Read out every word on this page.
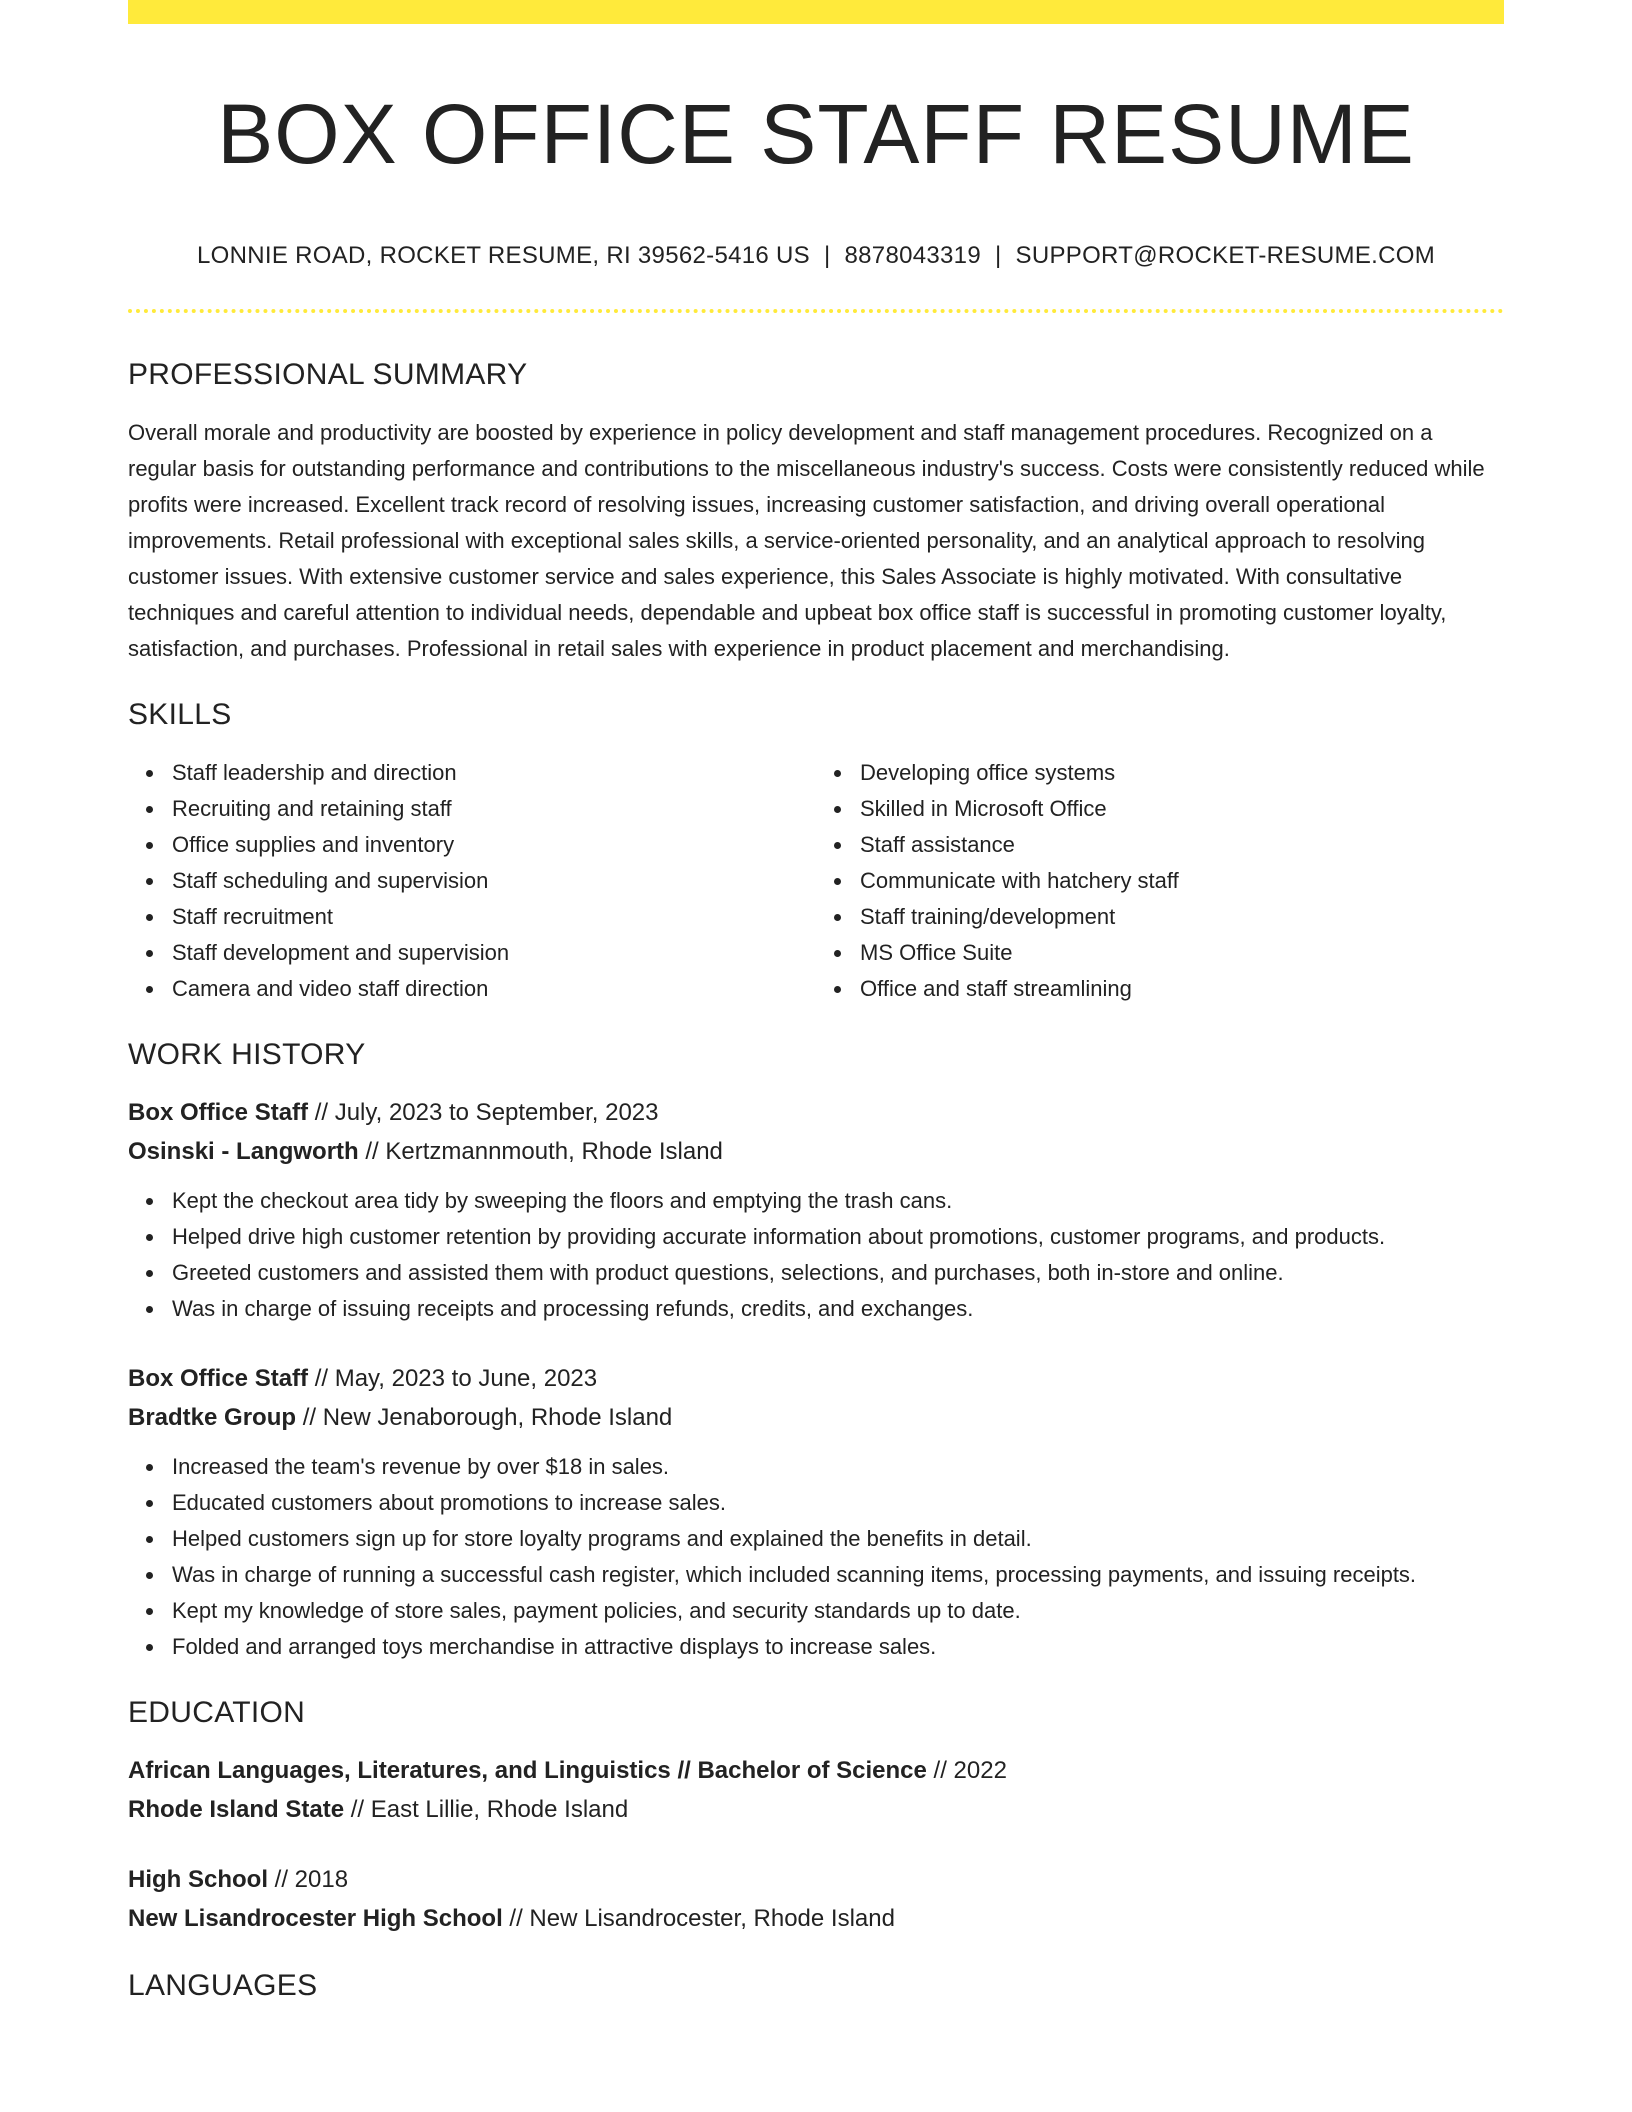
BOX OFFICE STAFF RESUME
LONNIE ROAD, ROCKET RESUME, RI 39562-5416 US | 8878043319 | SUPPORT@ROCKET-RESUME.COM
PROFESSIONAL SUMMARY

Overall morale and productivity are boosted by experience in policy development and staff management procedures. Recognized on a regular basis for outstanding performance and contributions to the miscellaneous industry's success. Costs were consistently reduced while profits were increased. Excellent track record of resolving issues, increasing customer satisfaction, and driving overall operational improvements. Retail professional with exceptional sales skills, a service-oriented personality, and an analytical approach to resolving customer issues. With extensive customer service and sales experience, this Sales Associate is highly motivated. With consultative techniques and careful attention to individual needs, dependable and upbeat box office staff is successful in promoting customer loyalty, satisfaction, and purchases. Professional in retail sales with experience in product placement and merchandising.

SKILLS
Staff leadership and direction
Recruiting and retaining staff
Office supplies and inventory
Staff scheduling and supervision
Staff recruitment
Staff development and supervision
Camera and video staff direction
Developing office systems
Skilled in Microsoft Office
Staff assistance
Communicate with hatchery staff
Staff training/development
MS Office Suite
Office and staff streamlining
WORK HISTORY
Box Office Staff // July, 2023 to September, 2023
Osinski - Langworth // Kertzmannmouth, Rhode Island
Kept the checkout area tidy by sweeping the floors and emptying the trash cans.
Helped drive high customer retention by providing accurate information about promotions, customer programs, and products.
Greeted customers and assisted them with product questions, selections, and purchases, both in-store and online.
Was in charge of issuing receipts and processing refunds, credits, and exchanges.
Box Office Staff // May, 2023 to June, 2023
Bradtke Group // New Jenaborough, Rhode Island
Increased the team's revenue by over $18 in sales.
Educated customers about promotions to increase sales.
Helped customers sign up for store loyalty programs and explained the benefits in detail.
Was in charge of running a successful cash register, which included scanning items, processing payments, and issuing receipts.
Kept my knowledge of store sales, payment policies, and security standards up to date.
Folded and arranged toys merchandise in attractive displays to increase sales.
EDUCATION
African Languages, Literatures, and Linguistics // Bachelor of Science // 2022
Rhode Island State // East Lillie, Rhode Island
High School // 2018
New Lisandrocester High School // New Lisandrocester, Rhode Island
LANGUAGES
